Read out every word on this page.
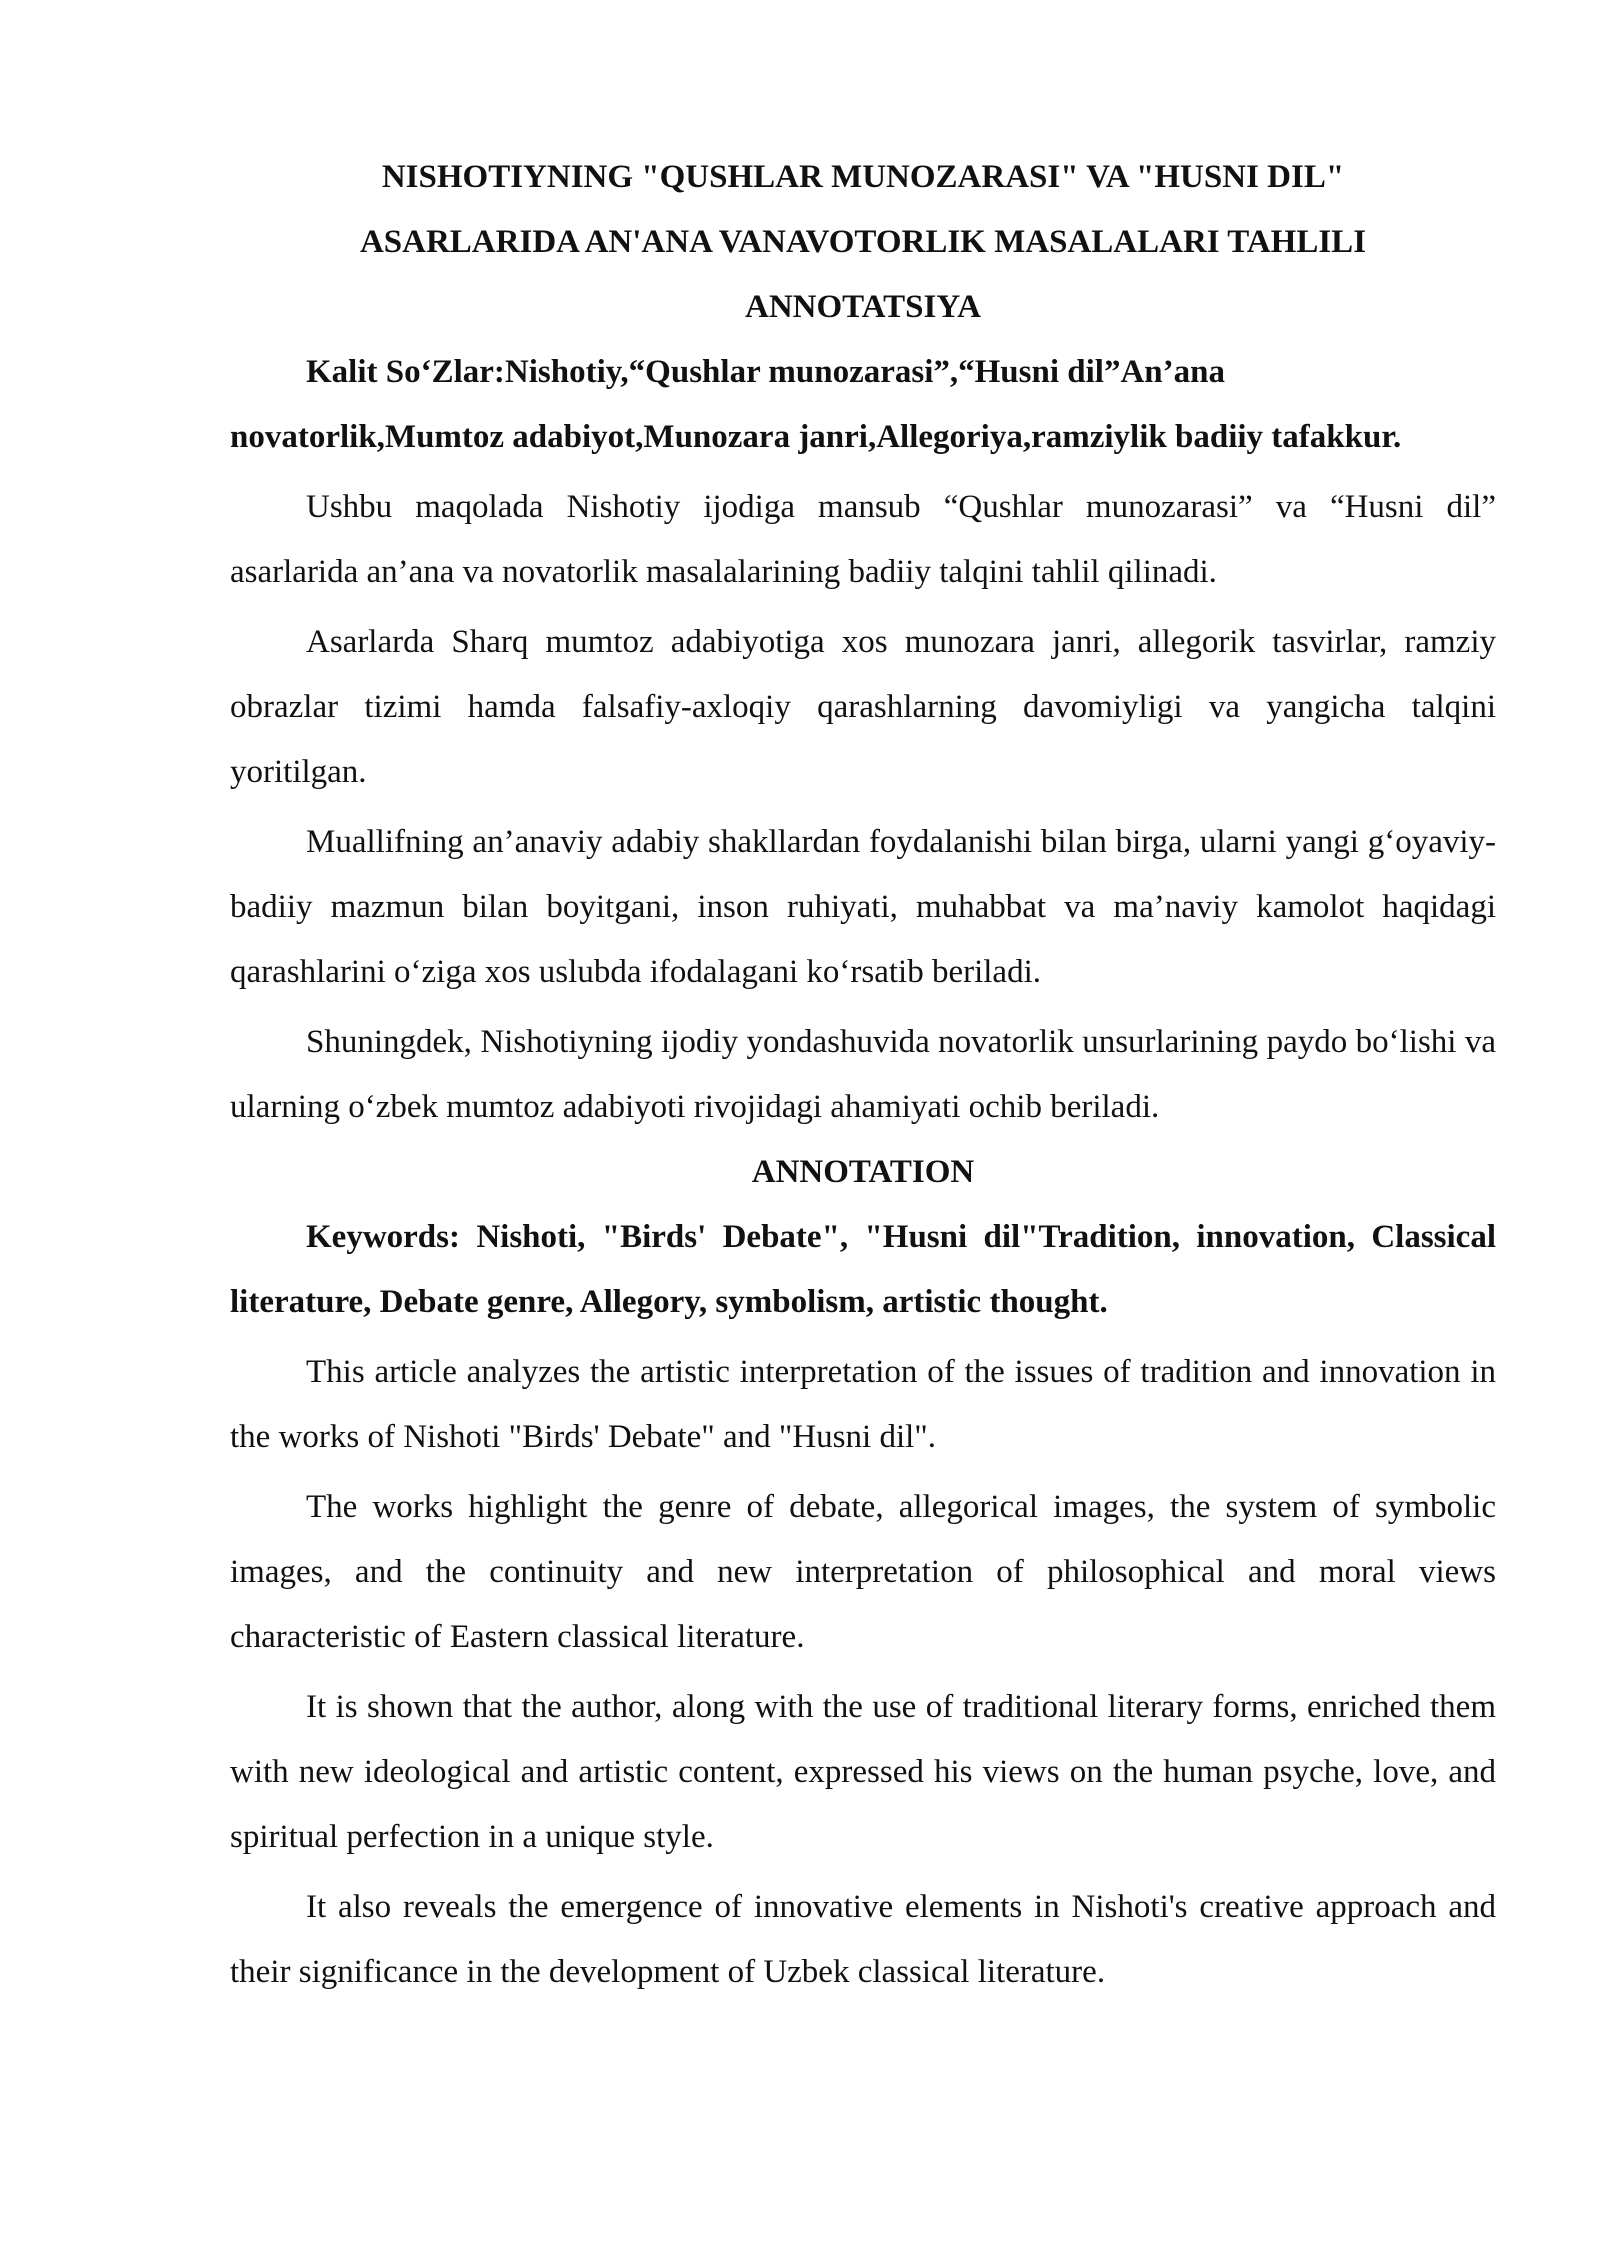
NISHOTIYNING "QUSHLAR MUNOZARASI" VA "HUSNI DIL"
ASARLARIDA AN'ANA VANAVOTORLIK MASALALARI TAHLILI

ANNOTATSIYA

Kalit So‘Zlar:Nishotiy,“Qushlar munozarasi”,“Husni dil”An’ana novatorlik,Mumtoz adabiyot,Munozara janri,Allegoriya,ramziylik badiiy tafakkur.

Ushbu maqolada Nishotiy ijodiga mansub “Qushlar munozarasi” va “Husni dil” asarlarida an’ana va novatorlik masalalarining badiiy talqini tahlil qilinadi.

Asarlarda Sharq mumtoz adabiyotiga xos munozara janri, allegorik tasvirlar, ramziy obrazlar tizimi hamda falsafiy-axloqiy qarashlarning davomiyligi va yangicha talqini yoritilgan.

Muallifning an’anaviy adabiy shakllardan foydalanishi bilan birga, ularni yangi g‘oyaviy-badiiy mazmun bilan boyitgani, inson ruhiyati, muhabbat va ma’naviy kamolot haqidagi qarashlarini o‘ziga xos uslubda ifodalagani ko‘rsatib beriladi.

Shuningdek, Nishotiyning ijodiy yondashuvida novatorlik unsurlarining paydo bo‘lishi va ularning o‘zbek mumtoz adabiyoti rivojidagi ahamiyati ochib beriladi.

ANNOTATION

Keywords: Nishoti, "Birds' Debate", "Husni dil"Tradition, innovation, Classical literature, Debate genre, Allegory, symbolism, artistic thought.

This article analyzes the artistic interpretation of the issues of tradition and innovation in the works of Nishoti "Birds' Debate" and "Husni dil".

The works highlight the genre of debate, allegorical images, the system of symbolic images, and the continuity and new interpretation of philosophical and moral views characteristic of Eastern classical literature.

It is shown that the author, along with the use of traditional literary forms, enriched them with new ideological and artistic content, expressed his views on the human psyche, love, and spiritual perfection in a unique style.

It also reveals the emergence of innovative elements in Nishoti's creative approach and their significance in the development of Uzbek classical literature.
